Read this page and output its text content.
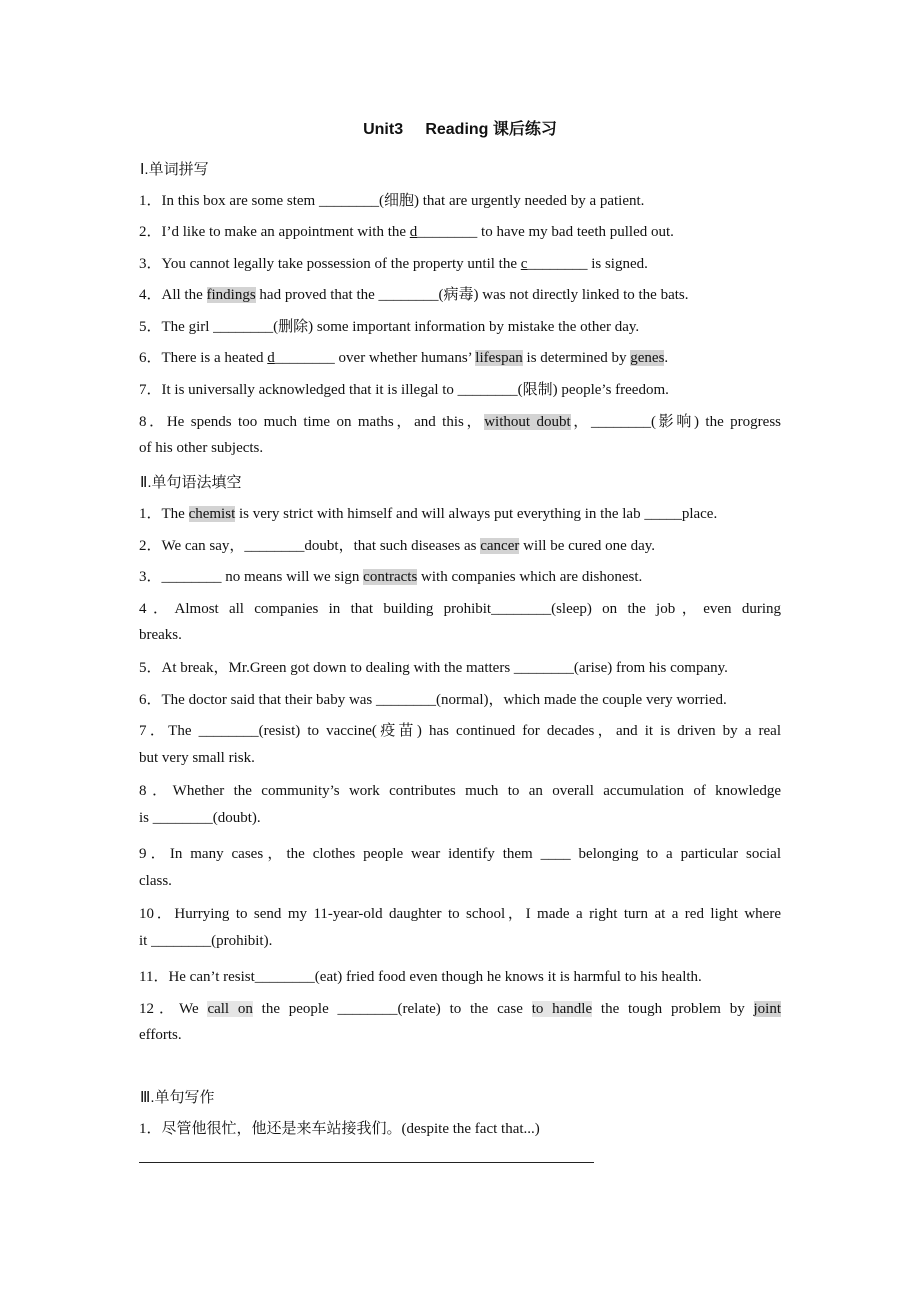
Unit3     Reading 课后练习
Ⅰ.单词拼写
1．In this box are some stem ________(细胞) that are urgently needed by a patient.
2．I’d like to make an appointment with the d________ to have my bad teeth pulled out.
3．You cannot legally take possession of the property until the c________ is signed.
4．All the findings had proved that the ________(病毒) was not directly linked to the bats.
5．The girl ________(删除) some important information by mistake the other day.
6．There is a heated d________ over whether humans’ lifespan is determined by genes.
7．It is universally acknowledged that it is illegal to ________(限制) people’s freedom.
8．He spends too much time on maths，and this，without doubt，________(影响) the progress
of his other subjects.
Ⅱ.单句语法填空
1．The chemist is very strict with himself and will always put everything in the lab _____place.
2．We can say，________doubt，that such diseases as cancer will be cured one day.
3．________ no means will we sign contracts with companies which are dishonest.
4．Almost all companies in that building prohibit________(sleep) on the job，even during
breaks.
5．At break，Mr.Green got down to dealing with the matters ________(arise) from his company.
6．The doctor said that their baby was ________(normal)，which made the couple very worried.
7．The ________(resist) to vaccine(疫苗) has continued for decades，and it is driven by a real
but very small risk.
8．Whether the community’s work contributes much to an overall accumulation of knowledge
is ________(doubt).
9．In many cases，the clothes people wear identify them ____ belonging to a particular social
class.
10．Hurrying to send my 11-year-old daughter to school，I made a right turn at a red light where
it ________(prohibit).
11．He can’t resist________(eat) fried food even though he knows it is harmful to his health.
12．We call on the people ________(relate) to the case to handle the tough problem by joint
efforts.
Ⅲ.单句写作
1．尽管他很忙，他还是来车站接我们。(despite the fact that...)
